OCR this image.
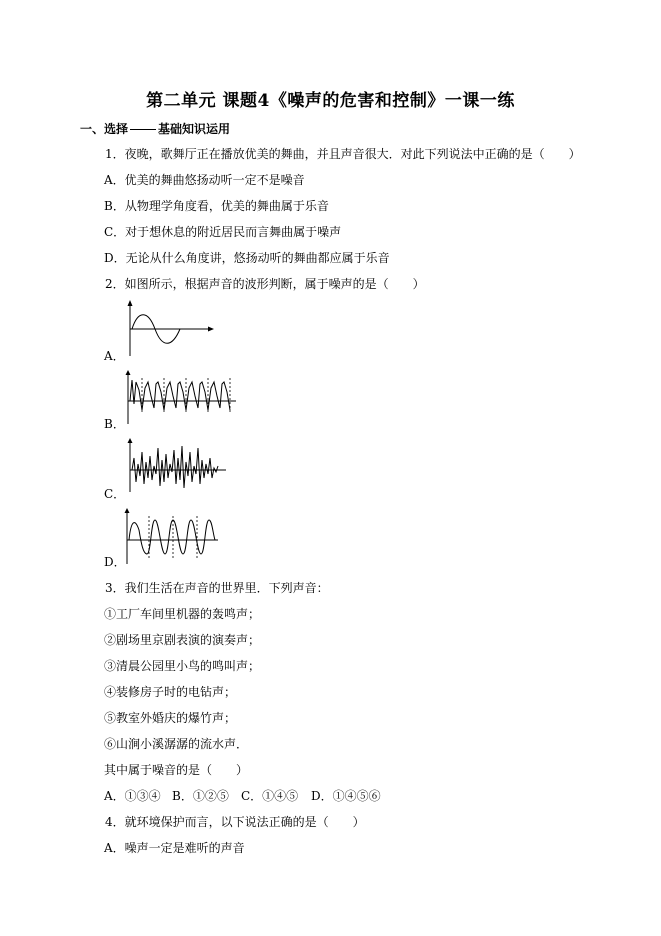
第二单元 课题4《噪声的危害和控制》一课一练
一、选择	基础知识运用
1．夜晚，歌舞厅正在播放优美的舞曲，并且声音很大．对此下列说法中正确的是（　　）
A．优美的舞曲悠扬动听一定不是噪音
B．从物理学角度看，优美的舞曲属于乐音
C．对于想休息的附近居民而言舞曲属于噪声
D．无论从什么角度讲，悠扬动听的舞曲都应属于乐音
2．如图所示，根据声音的波形判断，属于噪声的是（　　）
A．
B．
C．
D．
3．我们生活在声音的世界里．下列声音：
①工厂车间里机器的轰鸣声；
②剧场里京剧表演的演奏声；
③清晨公园里小鸟的鸣叫声；
④装修房子时的电钻声；
⑤教室外婚庆的爆竹声；
⑥山涧小溪潺潺的流水声．
其中属于噪音的是（　　）
A．①③④ B．①②⑤ C．①④⑤ D．①④⑤⑥
4．就环境保护而言，以下说法正确的是（　　）
A．噪声一定是难听的声音
